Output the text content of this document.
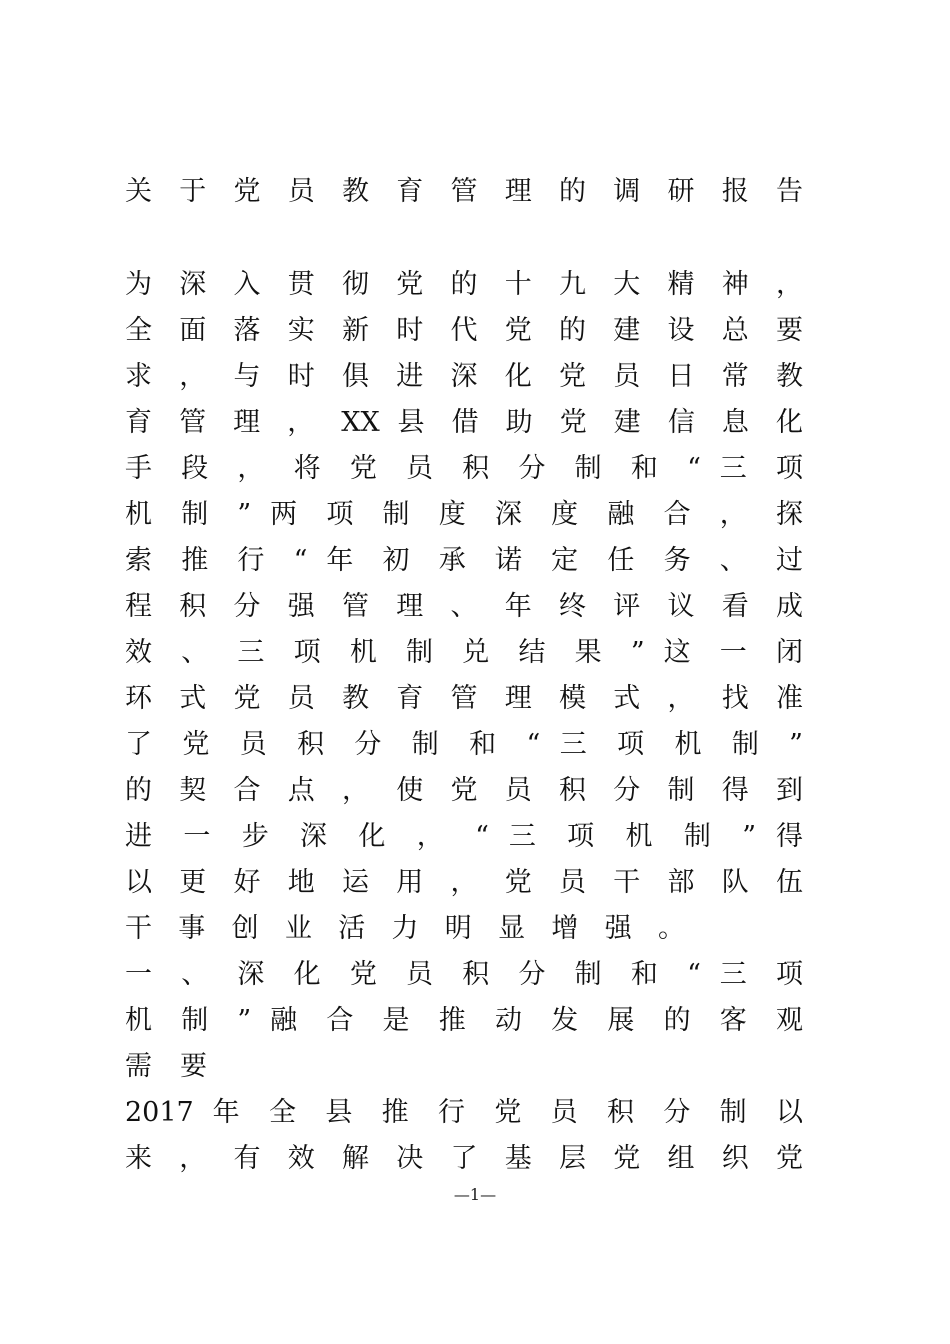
关 于 党 员 教 育 管 理 的 调 研 报 告
为 深 入 贯 彻 党 的 十 九 大 精 神 ，
全 面 落 实 新 时 代 党 的 建 设 总 要
求 ， 与 时 俱 进 深 化 党 员 日 常 教
育 管 理 ， XX 县 借 助 党 建 信 息 化
手 段 ， 将 党 员 积 分 制 和 “ 三 项
机 制 ” 两 项 制 度 深 度 融 合 ， 探
索 推 行 “ 年 初 承 诺 定 任 务 、 过
程 积 分 强 管 理 、 年 终 评 议 看 成
效 、 三 项 机 制 兑 结 果 ” 这 一 闭
环 式 党 员 教 育 管 理 模 式 ， 找 准
了 党 员 积 分 制 和 “ 三 项 机 制 ”
的 契 合 点 ， 使 党 员 积 分 制 得 到
进 一 步 深 化 ， “ 三 项 机 制 ” 得
以 更 好 地 运 用 ， 党 员 干 部 队 伍
干 事 创 业 活 力 明 显 增 强 。
一 、 深 化 党 员 积 分 制 和 “ 三 项
机 制 ” 融 合 是 推 动 发 展 的 客 观
需 要
2017 年 全 县 推 行 党 员 积 分 制 以
来 ， 有 效 解 决 了 基 层 党 组 织 党
—1—
